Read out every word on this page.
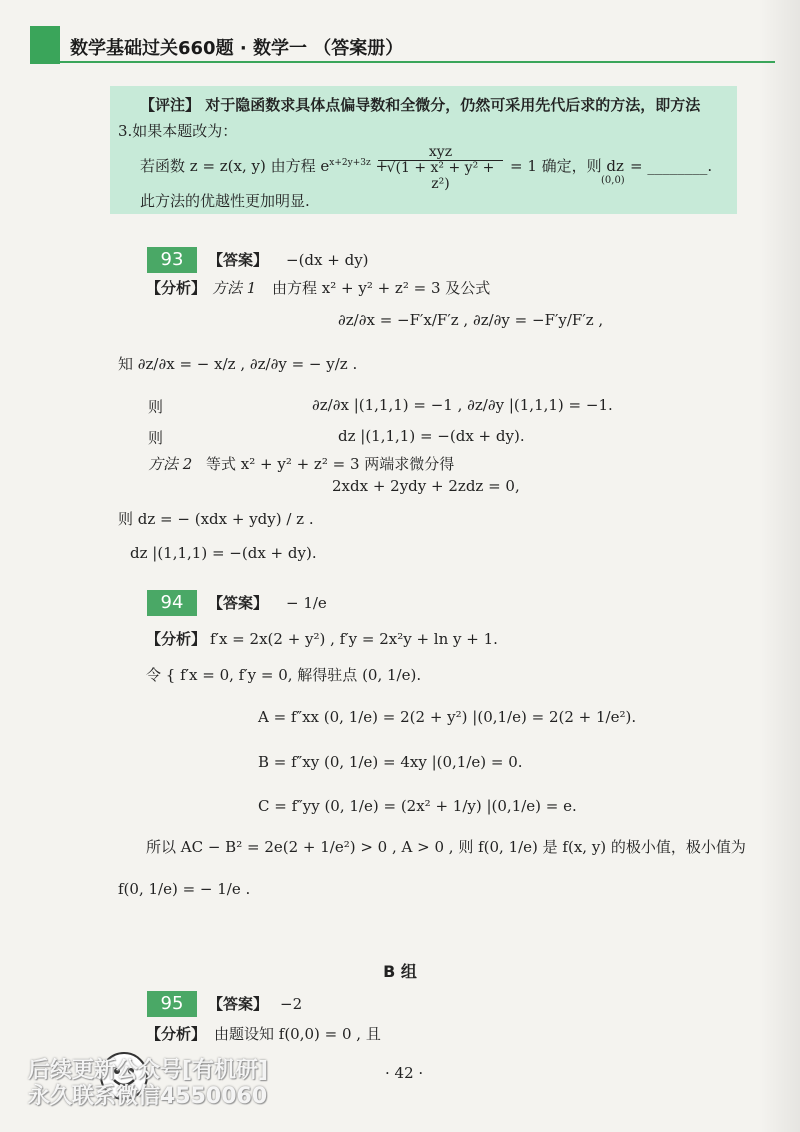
数学基础过关660题 · 数学一 （答案册）
【评注】 对于隐函数求具体点偏导数和全微分，仍然可采用先代后求的方法，即方法
3.如果本题改为：
若函数 z = z(x, y) 由方程 $e^{x+2y+3z}$ +
xyz
√(1 + x² + y² + z²)
= 1 确定，则 dz
(0,0)
= ________.
此方法的优越性更加明显.
93	【答案】 −(dx + dy)
【分析】 方法 1 由方程 x² + y² + z² = 3 及公式
∂z/∂x = −F′x/F′z , ∂z/∂y = −F′y/F′z ,
知 ∂z/∂x = − x/z , ∂z/∂y = − y/z .
则	∂z/∂x |(1,1,1) = −1 , ∂z/∂y |(1,1,1) = −1.
则	dz |(1,1,1) = −(dx + dy).
方法 2 等式 x² + y² + z² = 3 两端求微分得
2xdx + 2ydy + 2zdz = 0,
则 dz = − (xdx + ydy) / z .
dz |(1,1,1) = −(dx + dy).
94	【答案】 − 1/e
【分析】 f′x = 2x(2 + y²) , f′y = 2x²y + ln y + 1.
令 { f′x = 0, f′y = 0, 解得驻点 (0, 1/e).
A = f″xx (0, 1/e) = 2(2 + y²) |(0,1/e) = 2(2 + 1/e²).
B = f″xy (0, 1/e) = 4xy |(0,1/e) = 0.
C = f″yy (0, 1/e) = (2x² + 1/y) |(0,1/e) = e.
所以 AC − B² = 2e(2 + 1/e²) > 0 , A > 0 , 则 f(0, 1/e) 是 f(x, y) 的极小值，极小值为
f(0, 1/e) = − 1/e .
B 组
95	【答案】 −2
【分析】 由题设知 f(0,0) = 0 , 且
· 42 ·
后续更新公众号[有机研]
永久联系微信4550060
